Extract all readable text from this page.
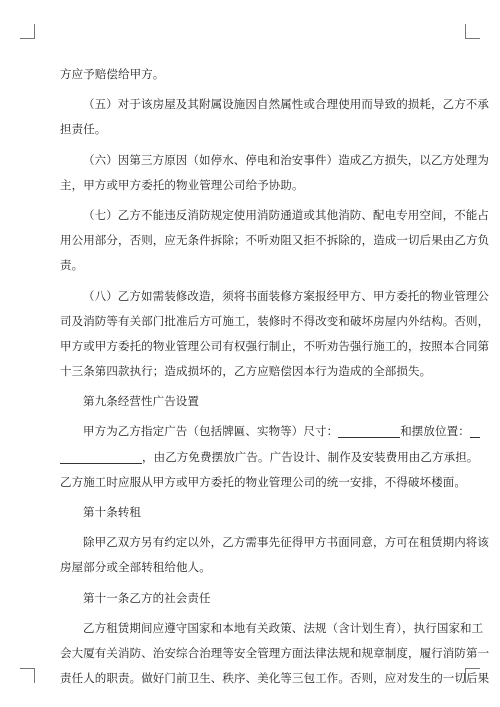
方应予赔偿给甲方。
（五）对于该房屋及其附属设施因自然属性或合理使用而导致的损耗，乙方不承
担责任。
（六）因第三方原因（如停水、停电和治安事件）造成乙方损失，以乙方处理为
主，甲方或甲方委托的物业管理公司给予协助。
（七）乙方不能违反消防规定使用消防通道或其他消防、配电专用空间，不能占
用公用部分，否则，应无条件拆除；不听劝阻又拒不拆除的，造成一切后果由乙方负
责。
（八）乙方如需装修改造，须将书面装修方案报经甲方、甲方委托的物业管理公
司及消防等有关部门批准后方可施工，装修时不得改变和破坏房屋内外结构。否则，
甲方或甲方委托的物业管理公司有权强行制止，不听劝告强行施工的，按照本合同第
十三条第四款执行；造成损坏的，乙方应赔偿因本行为造成的全部损失。
第九条经营性广告设置
甲方为乙方指定广告（包括牌匾、实物等）尺寸：	和摆放位置：
，由乙方免费摆放广告。广告设计、制作及安装费用由乙方承担。
乙方施工时应服从甲方或甲方委托的物业管理公司的统一安排，不得破坏楼面。
第十条转租
除甲乙双方另有约定以外，乙方需事先征得甲方书面同意，方可在租赁期内将该
房屋部分或全部转租给他人。
第十一条乙方的社会责任
乙方租赁期间应遵守国家和本地有关政策、法规（含计划生育），执行国家和工
会大厦有关消防、治安综合治理等安全管理方面法律法规和规章制度，履行消防第一
责任人的职责。做好门前卫生、秩序、美化等三包工作。否则，应对发生的一切后果
